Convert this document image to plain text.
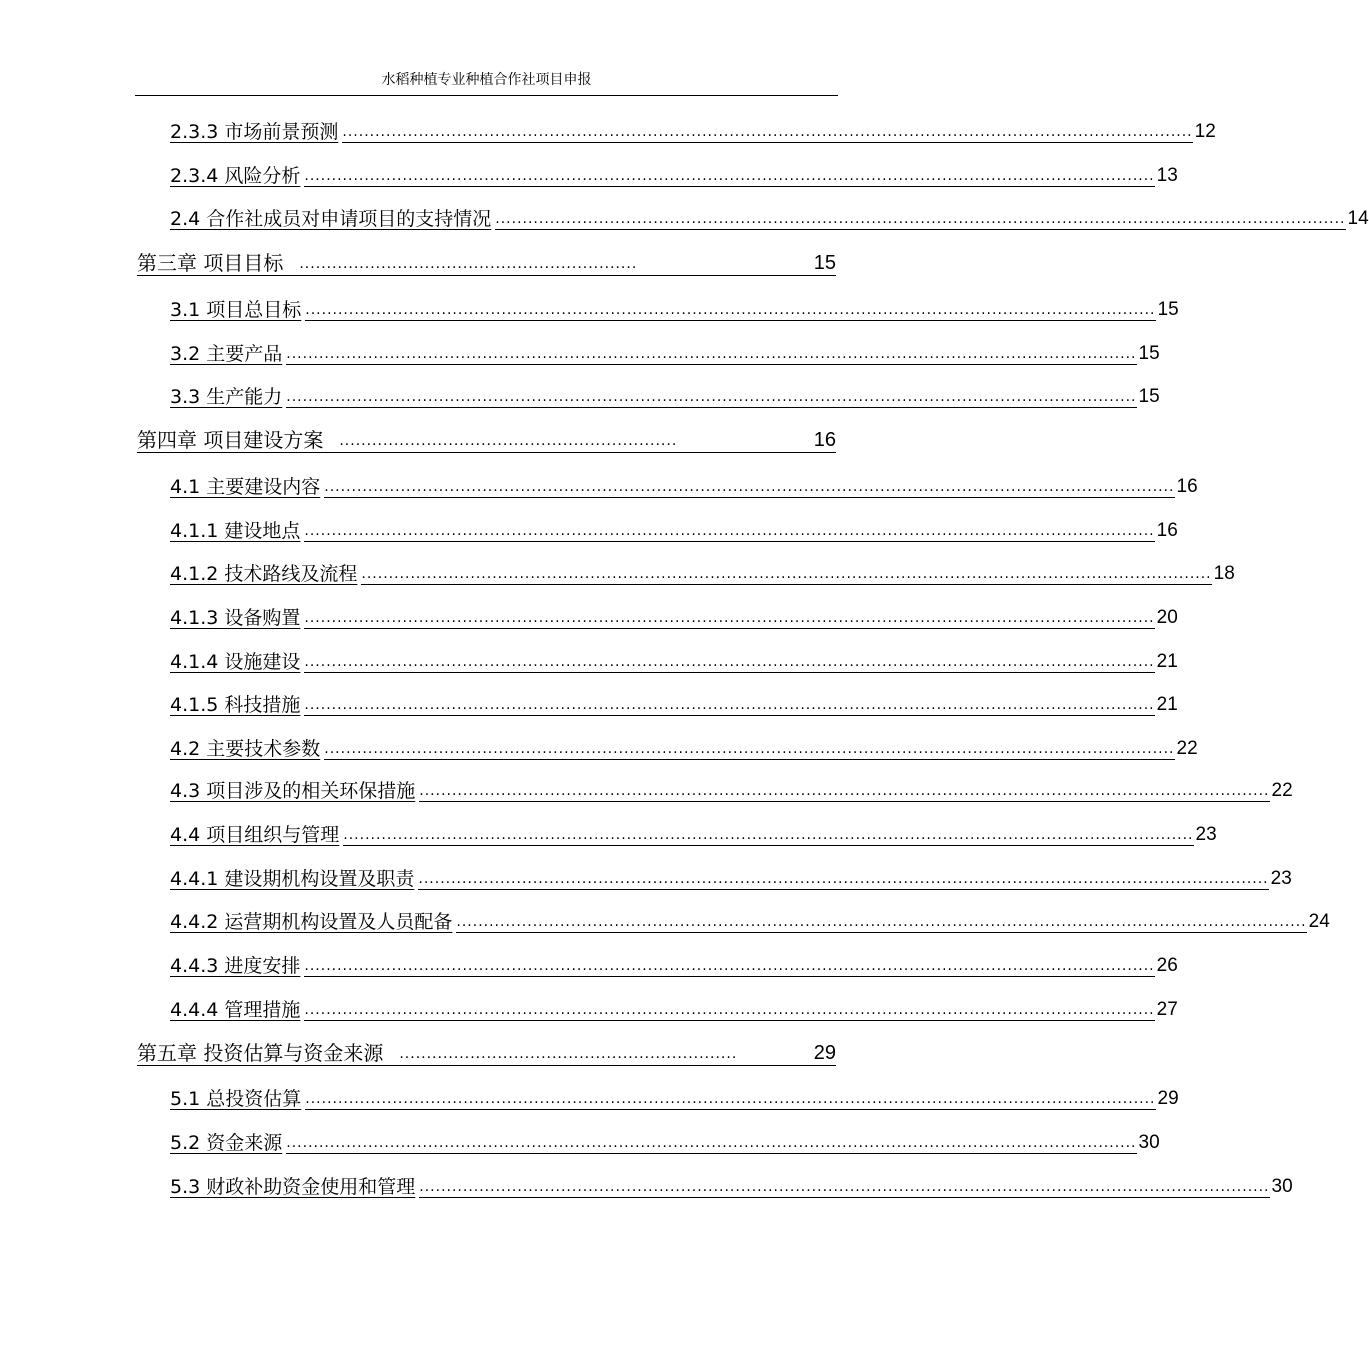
水稻种植专业种植合作社项目申报
2.3.3 市场前景预测 ............................................................................................................................................................ 12
2.3.4 风险分析 ............................................................................................................................................................ 13
2.4 合作社成员对申请项目的支持情况 ............................................................................................................................................................ 14
第三章 项目目标 ..............................................................	15
3.1 项目总目标 ............................................................................................................................................................ 15
3.2 主要产品 ............................................................................................................................................................ 15
3.3 生产能力 ............................................................................................................................................................ 15
第四章 项目建设方案 ..............................................................	16
4.1 主要建设内容 ............................................................................................................................................................ 16
4.1.1 建设地点 ............................................................................................................................................................ 16
4.1.2 技术路线及流程 ............................................................................................................................................................ 18
4.1.3 设备购置 ............................................................................................................................................................ 20
4.1.4 设施建设 ............................................................................................................................................................ 21
4.1.5 科技措施 ............................................................................................................................................................ 21
4.2 主要技术参数 ............................................................................................................................................................ 22
4.3 项目涉及的相关环保措施 ............................................................................................................................................................ 22
4.4 项目组织与管理 ............................................................................................................................................................ 23
4.4.1 建设期机构设置及职责 ............................................................................................................................................................ 23
4.4.2 运营期机构设置及人员配备 ............................................................................................................................................................ 24
4.4.3 进度安排 ............................................................................................................................................................ 26
4.4.4 管理措施 ............................................................................................................................................................ 27
第五章 投资估算与资金来源 ..............................................................	29
5.1 总投资估算 ............................................................................................................................................................ 29
5.2 资金来源 ............................................................................................................................................................ 30
5.3 财政补助资金使用和管理 ............................................................................................................................................................ 30
